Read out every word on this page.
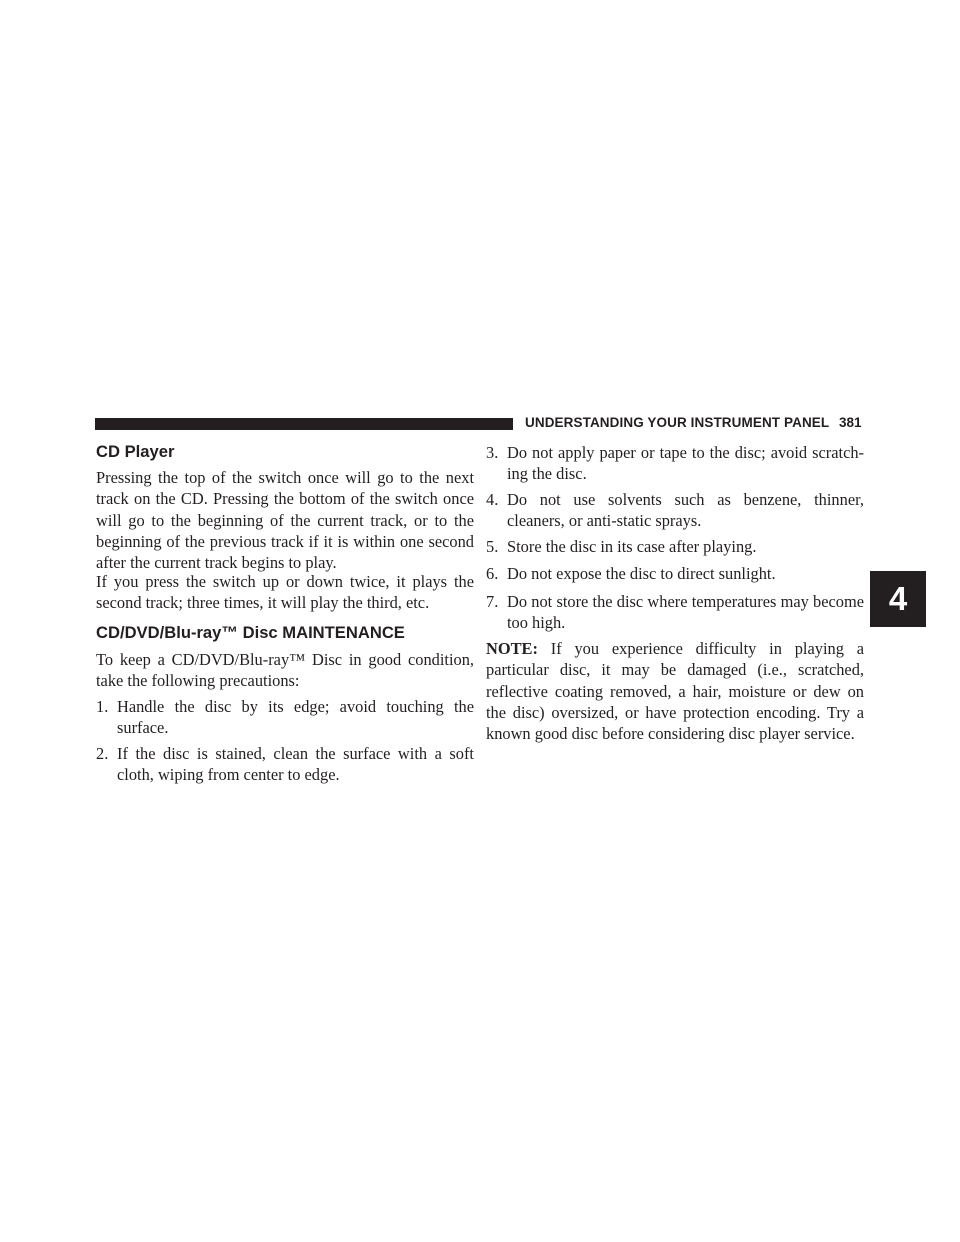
UNDERSTANDING YOUR INSTRUMENT PANEL 381
CD Player

Pressing the top of the switch once will go to the next track on the CD. Pressing the bottom of the switch once will go to the beginning of the current track, or to the beginning of the previous track if it is within one second after the current track begins to play.

If you press the switch up or down twice, it plays the second track; three times, it will play the third, etc.

CD/DVD/Blu-ray™ Disc MAINTENANCE

To keep a CD/DVD/Blu-ray™ Disc in good condition, take the following precautions:

1. Handle the disc by its edge; avoid touching the surface.
2. If the disc is stained, clean the surface with a soft cloth, wiping from center to edge.
3. Do not apply paper or tape to the disc; avoid scratch- ing the disc.
4. Do not use solvents such as benzene, thinner, cleaners, or anti-static sprays.
5. Store the disc in its case after playing.
6. Do not expose the disc to direct sunlight.
7. Do not store the disc where temperatures may become too high.

NOTE: If you experience difficulty in playing a particular disc, it may be damaged (i.e., scratched, reflective coating removed, a hair, moisture or dew on the disc) oversized, or have protection encoding. Try a known good disc before considering disc player service.

4
